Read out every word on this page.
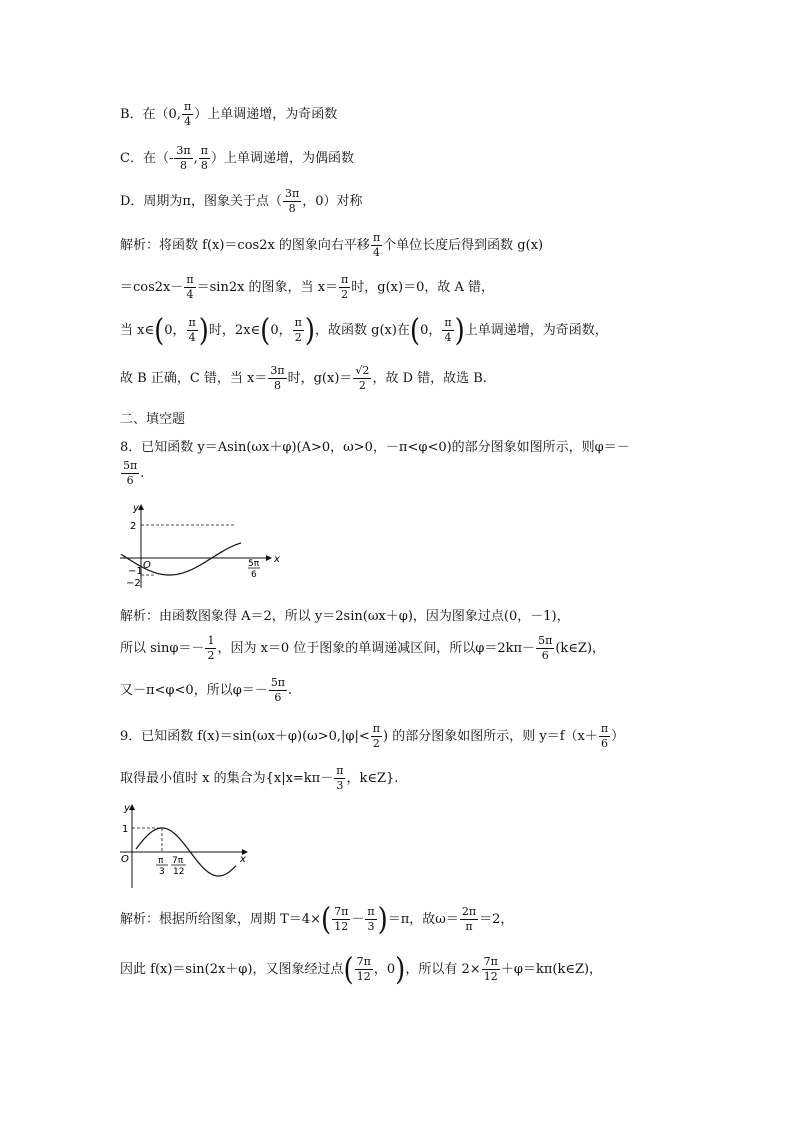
B．在（0, $\frac{\pi}{4}$ ）上单调递增，为奇函数
C．在（- $\frac{3\pi}{8}$ , $\frac{\pi}{8}$ ）上单调递增，为偶函数
D．周期为π，图象关于点（ $\frac{3\pi}{8}$ ，0）对称
解析：将函数 f(x)＝cos2x 的图象向右平移 $\frac{\pi}{4}$ 个单位长度后得到函数 g(x)
$=\cos 2x- \frac{\pi}{4} =\sin 2x$ 的图象，当 $x= \frac{\pi}{2}$ 时，g(x)＝0，故 A 错，
当 x∈(0， $\frac{\pi}{4}$ )时，2x∈(0， $\frac{\pi}{2}$ )，故函数 g(x)在(0， $\frac{\pi}{4}$ )上单调递增，为奇函数，
故 B 正确，C 错，当 $x= \frac{3\pi}{8}$ 时，$g(x)= \frac{√2}{2}$ ，故 D 错，故选 B.
二、填空题
8．已知函数 y＝Asin(ωx＋φ)(A>0，ω>0，－π<φ<0)的部分图象如图所示，则φ＝－
$\frac{5\pi}{6}$ .
y
x
O
2
−1
−2
5π
6
解析：由函数图象得 A＝2，所以 y＝2sin(ωx＋φ)，因为图象过点(0，－1)，
所以 $\sin\varphi=- \frac{1}{2}$ ，因为 x＝0 位于图象的单调递减区间，所以$\varphi=2k\pi- \frac{5\pi}{6}$ (k∈Z)，
又－π<φ<0，所以$\varphi=- \frac{5\pi}{6}$ .
9．已知函数 $f(x)=\sin(\omega x+\varphi)(\omega>0,|\varphi|< \frac{\pi}{2}$ ) 的部分图象如图所示，则 $y=f(x+ \frac{\pi}{6}$ ）
取得最小值时 x 的集合为{$x|x=k\pi- \frac{\pi}{3}$ ，k∈Z}.
y
x
O
1
π
3
7π
12
解析：根据所给图象，周期 $T=4\times( \frac{7\pi}{12} - \frac{\pi}{3} )=\pi$，故$\omega= \frac{2\pi}{\pi} =2$，
因此 f(x)＝sin(2x＋φ)，又图象经过点( $\frac{7\pi}{12}$ ，0)，所以有 $2\times \frac{7\pi}{12}$ ＋φ＝kπ(k∈Z)，
